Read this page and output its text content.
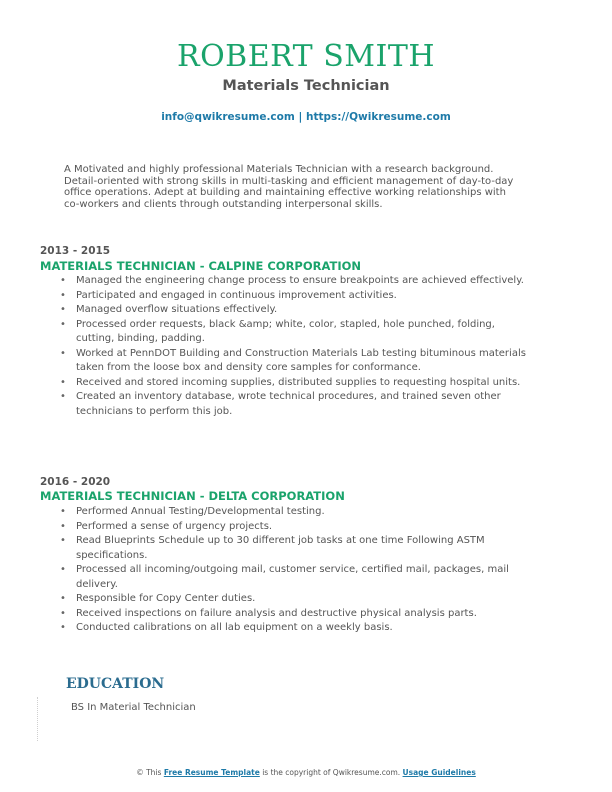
ROBERT SMITH
Materials Technician
info@qwikresume.com | https://Qwikresume.com
A Motivated and highly professional Materials Technician with a research background. Detail-oriented with strong skills in multi-tasking and efficient management of day-to-day office operations. Adept at building and maintaining effective working relationships with co-workers and clients through outstanding interpersonal skills.
2013 - 2015
MATERIALS TECHNICIAN - CALPINE CORPORATION
• Managed the engineering change process to ensure breakpoints are achieved effectively.
• Participated and engaged in continuous improvement activities.
• Managed overflow situations effectively.
• Processed order requests, black &amp; white, color, stapled, hole punched, folding, cutting, binding, padding.
• Worked at PennDOT Building and Construction Materials Lab testing bituminous materials taken from the loose box and density core samples for conformance.
• Received and stored incoming supplies, distributed supplies to requesting hospital units.
• Created an inventory database, wrote technical procedures, and trained seven other technicians to perform this job.
2016 - 2020
MATERIALS TECHNICIAN - DELTA CORPORATION
• Performed Annual Testing/Developmental testing.
• Performed a sense of urgency projects.
• Read Blueprints Schedule up to 30 different job tasks at one time Following ASTM specifications.
• Processed all incoming/outgoing mail, customer service, certified mail, packages, mail delivery.
• Responsible for Copy Center duties.
• Received inspections on failure analysis and destructive physical analysis parts.
• Conducted calibrations on all lab equipment on a weekly basis.
EDUCATION
BS In Material Technician
© This Free Resume Template is the copyright of Qwikresume.com. Usage Guidelines
